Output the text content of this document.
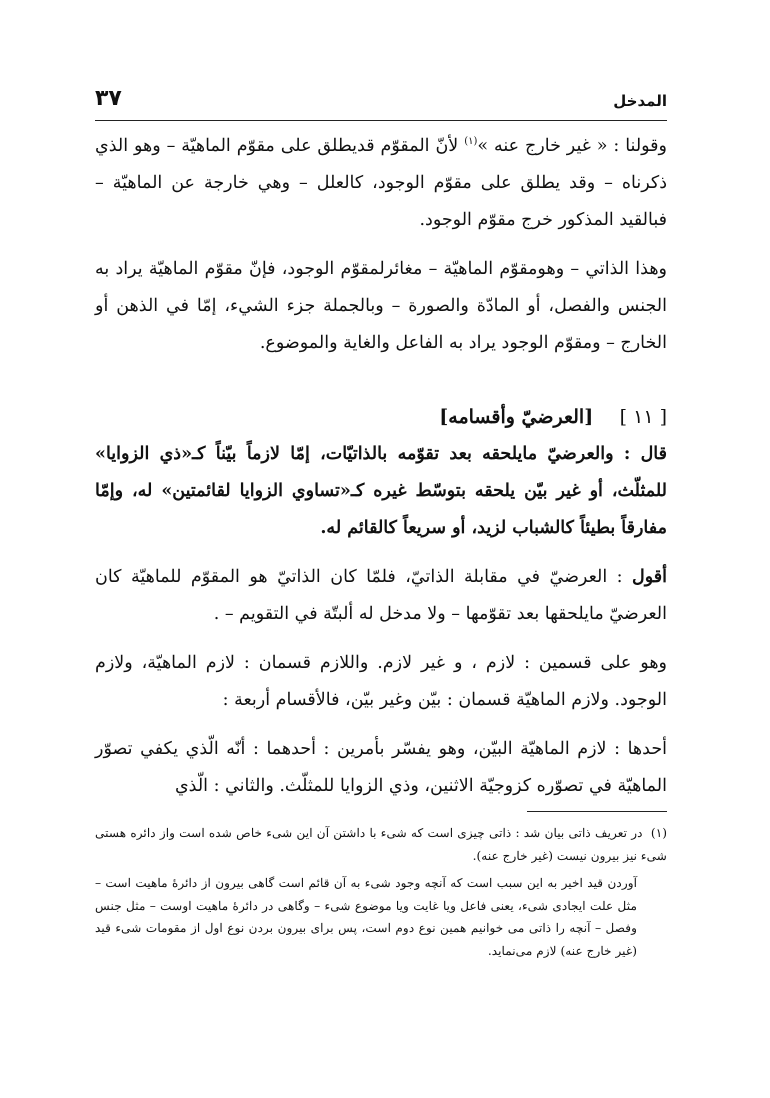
المدخل
٣٧

وقولنا : « غير خارج عنه »$^{(١)}$ لأنّ المقوّم قديطلق على مقوّم الماهيّة – وهو الذي ذكرناه – وقد يطلق على مقوّم الوجود، كالعلل – وهي خارجة عن الماهيّة – فبالقيد المذكور خرج مقوّم الوجود.

وهذا الذاتي – وهومقوّم الماهيّة – مغائرلمقوّم الوجود، فإنّ مقوّم الماهيّة يراد به الجنس والفصل، أو المادّة والصورة – وبالجملة جزء الشيء، إمّا في الذهن أو الخارج – ومقوّم الوجود يراد به الفاعل والغاية والموضوع.

[ ١١ ]    [العرضيّ وأقسامه]

قال : والعرضيّ مايلحقه بعد تقوّمه بالذاتيّات، إمّا لازماً بيّناً كـ«ذي الزوايا» للمثلّث، أو غير بيّن يلحقه بتوسّط غيره كـ«تساوي الزوايا لقائمتين» له، وإمّا مفارقاً بطيئاً كالشباب لزيد، أو سريعاً كالقائم له.

أقول : العرضيّ في مقابلة الذاتيّ، فلمّا كان الذاتيّ هو المقوّم للماهيّة كان العرضيّ مايلحقها بعد تقوّمها – ولا مدخل له ألبتّة في التقويم – .

وهو على قسمين : لازم ، و غير لازم. واللازم قسمان : لازم الماهيّة، ولازم الوجود. ولازم الماهيّة قسمان : بيّن وغير بيّن، فالأقسام أربعة :

أحدها : لازم الماهيّة البيّن، وهو يفسّر بأمرين : أحدهما : أنّه الّذي يكفي تصوّر الماهيّة في تصوّره كزوجيّة الاثنين، وذي الزوايا للمثلّث. والثاني : الّذي

(١)  در تعریف ذاتی بیان شد : ذاتی چیزی است که شیء با داشتن آن این شیء خاص شده است واز دائره هستی شیء نیز بیرون نیست (غیر خارج عنه).

آوردن قید اخیر به این سبب است که آنچه وجود شیء به آن قائم است گاهی بیرون از دائرهٔ ماهیت است – مثل علت ایجادی شیء، یعنی فاعل ویا غایت ویا موضوع شیء – وگاهی در دائرهٔ ماهیت اوست – مثل جنس وفصل – آنچه را ذاتی می خوانیم همین نوع دوم است، پس برای بیرون بردن نوع اول از مقومات شیء قید (غیر خارج عنه) لازم می‌نماید.
